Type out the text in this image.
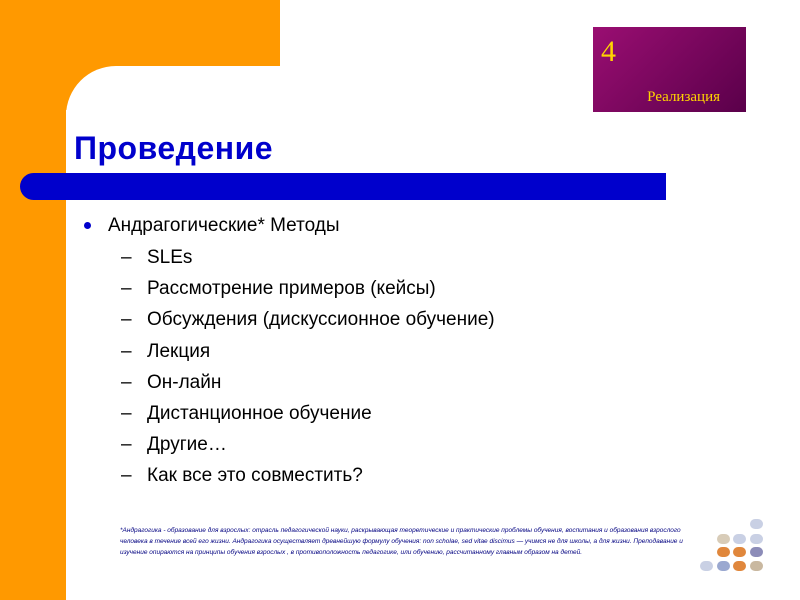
4
Реализация
Проведение
Андрагогические* Методы
– SLEs
– Рассмотрение примеров (кейсы)
– Обсуждения (дискуссионное обучение)
– Лекция
– Он-лайн
– Дистанционное обучение
– Другие…
– Как все это совместить?
*Андрагогика - образование для взрослых: отрасль педагогической науки, раскрывающая теоретические и практические проблемы обучения, воспитания и образования взрослого человека в течение всей его жизни. Андрагогика осуществляет древнейшую формулу обучения: non scholae, sed vitae discimus — учимся не для школы, а для жизни. Преподавание и изучение опираются на принципы обучения взрослых , в противоположность педагогике, или обучению, рассчитанному главным образом на детей.
